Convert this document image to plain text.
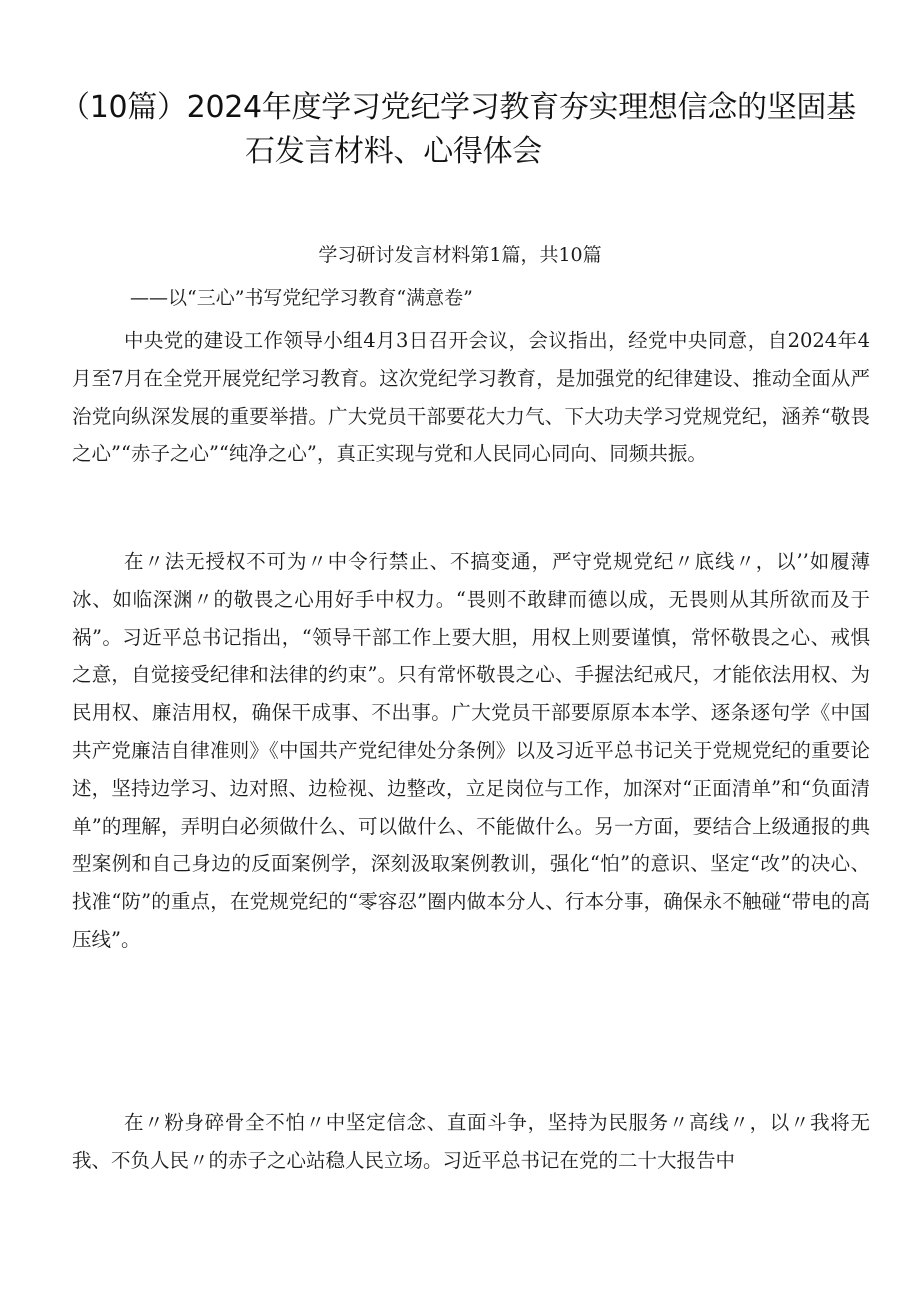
（10篇）2024年度学习党纪学习教育夯实理想信念的坚固基
石发言材料、心得体会
学习研讨发言材料第1篇，共10篇
——以“三心”书写党纪学习教育“满意卷”

中央党的建设工作领导小组4月3日召开会议，会议指出，经党中央同意，自2024年4月至7月在全党开展党纪学习教育。这次党纪学习教育，是加强党的纪律建设、推动全面从严治党向纵深发展的重要举措。广大党员干部要花大力气、下大功夫学习党规党纪，涵养“敬畏之心”“赤子之心”“纯净之心”，真正实现与党和人民同心同向、同频共振。

在〃法无授权不可为〃中令行禁止、不搞变通，严守党规党纪〃底线〃，以’’如履薄冰、如临深渊〃的敬畏之心用好手中权力。“畏则不敢肆而德以成，无畏则从其所欲而及于祸”。习近平总书记指出，“领导干部工作上要大胆，用权上则要谨慎，常怀敬畏之心、戒惧之意，自觉接受纪律和法律的约束”。只有常怀敬畏之心、手握法纪戒尺，才能依法用权、为民用权、廉洁用权，确保干成事、不出事。广大党员干部要原原本本学、逐条逐句学《中国共产党廉洁自律准则》《中国共产党纪律处分条例》以及习近平总书记关于党规党纪的重要论述，坚持边学习、边对照、边检视、边整改，立足岗位与工作，加深对“正面清单”和“负面清单”的理解，弄明白必须做什么、可以做什么、不能做什么。另一方面，要结合上级通报的典型案例和自己身边的反面案例学，深刻汲取案例教训，强化“怕”的意识、坚定“改”的决心、找准“防”的重点，在党规党纪的“零容忍”圈内做本分人、行本分事，确保永不触碰“带电的高压线”。

在〃粉身碎骨全不怕〃中坚定信念、直面斗争，坚持为民服务〃高线〃，以〃我将无我、不负人民〃的赤子之心站稳人民立场。习近平总书记在党的二十大报告中
